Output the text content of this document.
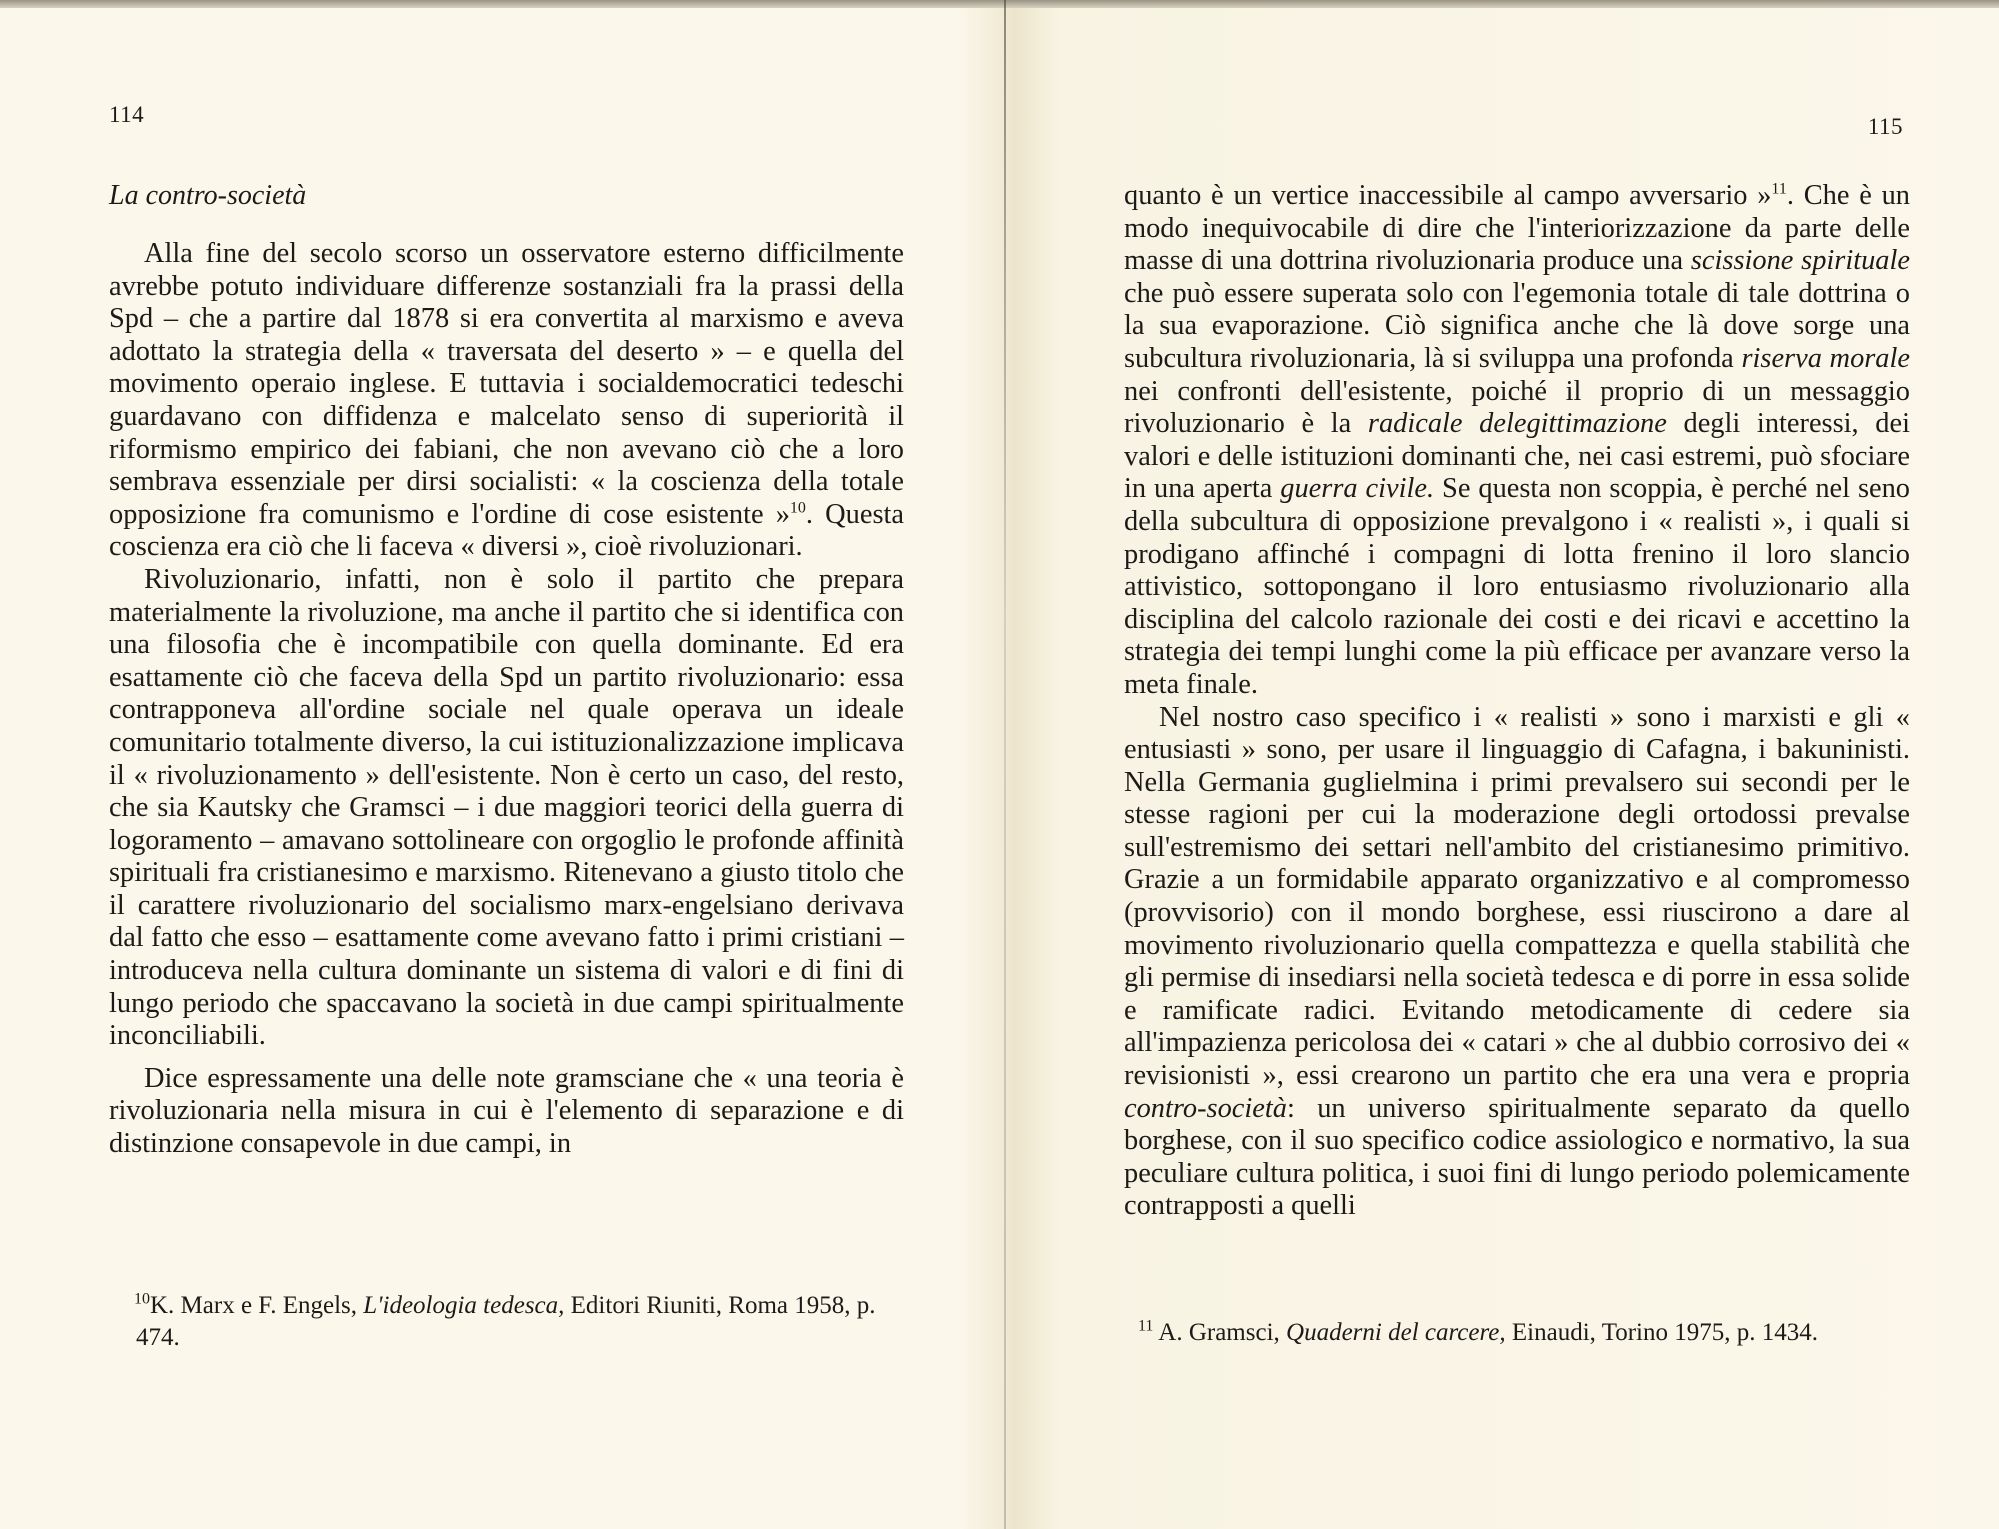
114
La contro-società

Alla fine del secolo scorso un osservatore esterno difficilmente avrebbe potuto individuare differenze sostanziali fra la prassi della Spd – che a partire dal 1878 si era convertita al marxismo e aveva adottato la strategia della « traversata del deserto » – e quella del movimento operaio inglese. E tuttavia i socialdemocratici tedeschi guardavano con diffidenza e malcelato senso di superiorità il riformismo empirico dei fabiani, che non avevano ciò che a loro sembrava essenziale per dirsi socialisti: « la coscienza della totale opposizione fra comunismo e l'ordine di cose esistente »$^{10}$. Questa coscienza era ciò che li faceva « diversi », cioè rivoluzionari.

Rivoluzionario, infatti, non è solo il partito che prepara materialmente la rivoluzione, ma anche il partito che si identifica con una filosofia che è incompatibile con quella dominante. Ed era esattamente ciò che faceva della Spd un partito rivoluzionario: essa contrapponeva all'ordine sociale nel quale operava un ideale comunitario totalmente diverso, la cui istituzionalizzazione implicava il « rivoluzionamento » dell'esistente. Non è certo un caso, del resto, che sia Kautsky che Gramsci – i due maggiori teorici della guerra di logoramento – amavano sottolineare con orgoglio le profonde affinità spirituali fra cristianesimo e marxismo. Ritenevano a giusto titolo che il carattere rivoluzionario del socialismo marx-engelsiano derivava dal fatto che esso – esattamente come avevano fatto i primi cristiani – introduceva nella cultura dominante un sistema di valori e di fini di lungo periodo che spaccavano la società in due campi spiritualmente inconciliabili.

Dice espressamente una delle note gramsciane che « una teoria è rivoluzionaria nella misura in cui è l'elemento di separazione e di distinzione consapevole in due campi, in

$^{10}$K. Marx e F. Engels, L'ideologia tedesca, Editori Riuniti, Roma 1958, p. 474.
115

quanto è un vertice inaccessibile al campo avversario »$^{11}$. Che è un modo inequivocabile di dire che l'interiorizzazione da parte delle masse di una dottrina rivoluzionaria produce una scissione spirituale che può essere superata solo con l'egemonia totale di tale dottrina o la sua evaporazione. Ciò significa anche che là dove sorge una subcultura rivoluzionaria, là si sviluppa una profonda riserva morale nei confronti dell'esistente, poiché il proprio di un messaggio rivoluzionario è la radicale delegittimazione degli interessi, dei valori e delle istituzioni dominanti che, nei casi estremi, può sfociare in una aperta guerra civile. Se questa non scoppia, è perché nel seno della subcultura di opposizione prevalgono i « realisti », i quali si prodigano affinché i compagni di lotta frenino il loro slancio attivistico, sottopongano il loro entusiasmo rivoluzionario alla disciplina del calcolo razionale dei costi e dei ricavi e accettino la strategia dei tempi lunghi come la più efficace per avanzare verso la meta finale.

Nel nostro caso specifico i « realisti » sono i marxisti e gli « entusiasti » sono, per usare il linguaggio di Cafagna, i bakuninisti. Nella Germania guglielmina i primi prevalsero sui secondi per le stesse ragioni per cui la moderazione degli ortodossi prevalse sull'estremismo dei settari nell'ambito del cristianesimo primitivo. Grazie a un formidabile apparato organizzativo e al compromesso (provvisorio) con il mondo borghese, essi riuscirono a dare al movimento rivoluzionario quella compattezza e quella stabilità che gli permise di insediarsi nella società tedesca e di porre in essa solide e ramificate radici. Evitando metodicamente di cedere sia all'impazienza pericolosa dei « catari » che al dubbio corrosivo dei « revisionisti », essi crearono un partito che era una vera e propria contro-società: un universo spiritualmente separato da quello borghese, con il suo specifico codice assiologico e normativo, la sua peculiare cultura politica, i suoi fini di lungo periodo polemicamente contrapposti a quelli

$^{11}$ A. Gramsci, Quaderni del carcere, Einaudi, Torino 1975, p. 1434.
